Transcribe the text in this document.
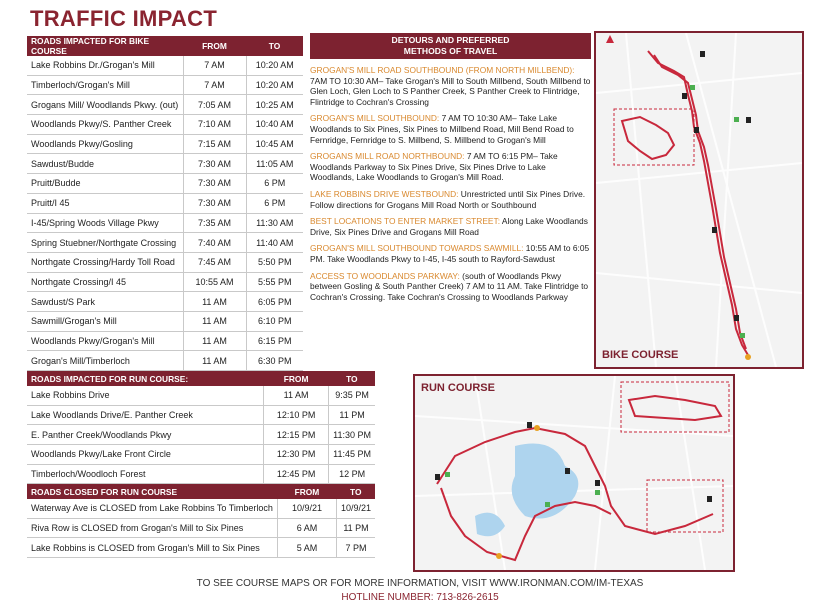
TRAFFIC IMPACT
ROADS IMPACTED FOR BIKE COURSE	FROM	TO
Lake Robbins Dr./Grogan's Mill	7 AM	10:20 AM
Timberloch/Grogan's Mill	7 AM	10:20 AM
Grogans Mill/ Woodlands Pkwy. (out)	7:05 AM	10:25 AM
Woodlands Pkwy/S. Panther Creek	7:10 AM	10:40 AM
Woodlands Pkwy/Gosling	7:15 AM	10:45 AM
Sawdust/Budde	7:30 AM	11:05 AM
Pruitt/Budde	7:30 AM	6 PM
Pruitt/I 45	7:30 AM	6 PM
I-45/Spring Woods Village Pkwy	7:35 AM	11:30 AM
Spring Stuebner/Northgate Crossing	7:40 AM	11:40 AM
Northgate Crossing/Hardy Toll Road	7:45 AM	5:50 PM
Northgate Crossing/I 45	10:55 AM	5:55 PM
Sawdust/S Park	11 AM	6:05 PM
Sawmill/Grogan's Mill	11 AM	6:10 PM
Woodlands Pkwy/Grogan's Mill	11 AM	6:15 PM
Grogan's Mill/Timberloch	11 AM	6:30 PM
ROADS IMPACTED FOR RUN COURSE:	FROM	TO
Lake Robbins Drive	11 AM	9:35 PM
Lake Woodlands Drive/E. Panther Creek	12:10 PM	11 PM
E. Panther Creek/Woodlands Pkwy	12:15 PM	11:30 PM
Woodlands Pkwy/Lake Front Circle	12:30 PM	11:45 PM
Timberloch/Woodloch Forest	12:45 PM	12 PM
ROADS CLOSED FOR RUN COURSE	FROM	TO
Waterway Ave is CLOSED from Lake Robbins To Timberloch	10/9/21	10/9/21
Riva Row is CLOSED from Grogan's Mill to Six Pines	6 AM	11 PM
Lake Robbins is CLOSED from Grogan's Mill to Six Pines	5 AM	7 PM
DETOURS AND PREFERRED
METHODS OF TRAVEL
GROGAN'S MILL ROAD SOUTHBOUND (FROM NORTH MILLBEND): 7AM TO 10:30 AM– Take Grogan's Mill to South Millbend, South Millbend to Glen Loch, Glen Loch to S Panther Creek, S Panther Creek to Flintridge, Flintridge to Cochran's Crossing
GROGAN'S MILL SOUTHBOUND: 7 AM TO 10:30 AM– Take Lake Woodlands to Six Pines, Six Pines to Millbend Road, Mill Bend Road to Fernridge, Fernridge to S. Millbend, S. Millbend to Grogan's Mill
GROGANS MILL ROAD NORTHBOUND: 7 AM TO 6:15 PM– Take Woodlands Parkway to Six Pines Drive, Six Pines Drive to Lake Woodlands, Lake Woodlands to Grogan's Mill Road.
LAKE ROBBINS DRIVE WESTBOUND: Unrestricted until Six Pines Drive. Follow directions for Grogans Mill Road North or Southbound
BEST LOCATIONS TO ENTER MARKET STREET: Along Lake Woodlands Drive, Six Pines Drive and Grogans Mill Road
GROGAN'S MILL SOUTHBOUND TOWARDS SAWMILL: 10:55 AM to 6:05 PM. Take Woodlands Pkwy to I-45, I-45 south to Rayford-Sawdust
ACCESS TO WOODLANDS PARKWAY: (south of Woodlands Pkwy between Gosling & South Panther Creek) 7 AM to 11 AM. Take Flintridge to Cochran's Crossing. Take Cochran's Crossing to Woodlands Parkway
BIKE COURSE
RUN COURSE
TO SEE COURSE MAPS OR FOR MORE INFORMATION, VISIT WWW.IRONMAN.COM/IM-TEXAS
HOTLINE NUMBER: 713-826-2615
